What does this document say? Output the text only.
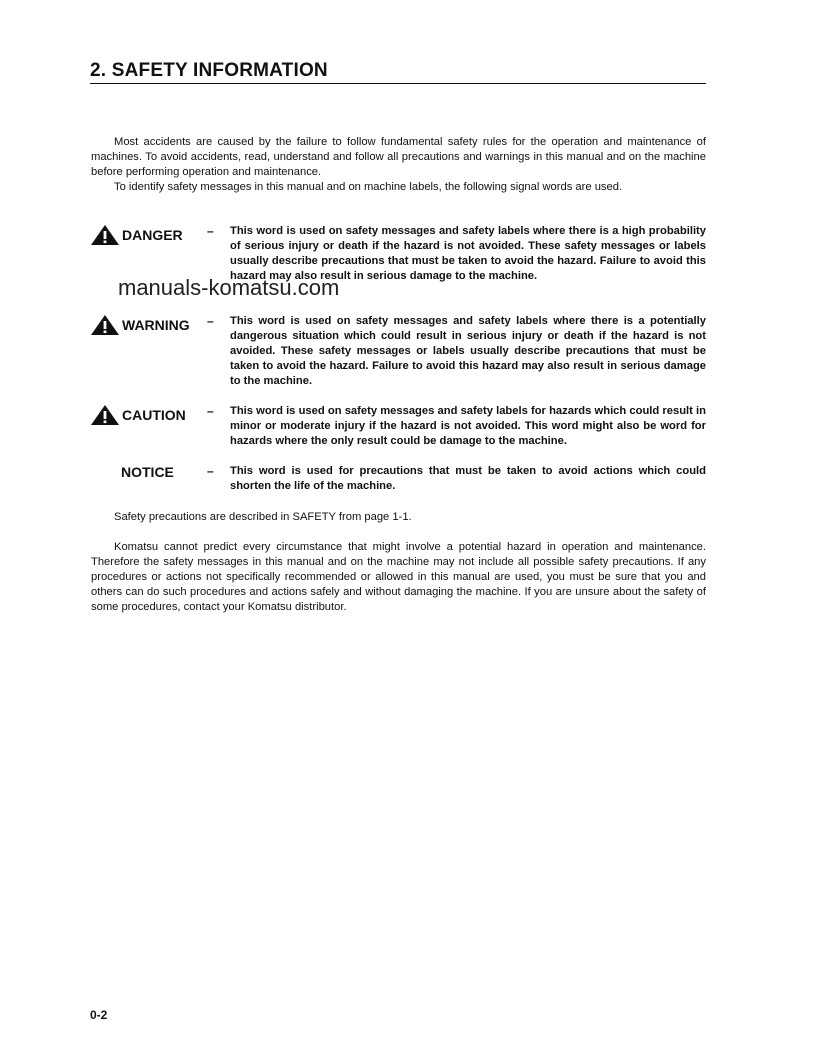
2. SAFETY INFORMATION
Most accidents are caused by the failure to follow fundamental safety rules for the operation and maintenance of machines. To avoid accidents, read, understand and follow all precautions and warnings in this manual and on the machine before performing operation and maintenance.
To identify safety messages in this manual and on machine labels, the following signal words are used.
DANGER – This word is used on safety messages and safety labels where there is a high probability of serious injury or death if the hazard is not avoided. These safety messages or labels usually describe precautions that must be taken to avoid the hazard. Failure to avoid this hazard may also result in serious damage to the machine.
WARNING – This word is used on safety messages and safety labels where there is a potentially dangerous situation which could result in serious injury or death if the hazard is not avoided. These safety messages or labels usually describe precautions that must be taken to avoid the hazard. Failure to avoid this hazard may also result in serious damage to the machine.
CAUTION – This word is used on safety messages and safety labels for hazards which could result in minor or moderate injury if the hazard is not avoided. This word might also be word for hazards where the only result could be damage to the machine.
NOTICE	– This word is used for precautions that must be taken to avoid actions which could shorten the life of the machine.
Safety precautions are described in SAFETY from page 1-1.
Komatsu cannot predict every circumstance that might involve a potential hazard in operation and maintenance. Therefore the safety messages in this manual and on the machine may not include all possible safety precautions. If any procedures or actions not specifically recommended or allowed in this manual are used, you must be sure that you and others can do such procedures and actions safely and without damaging the machine. If you are unsure about the safety of some procedures, contact your Komatsu distributor.
manuals-komatsu.com
0-2
